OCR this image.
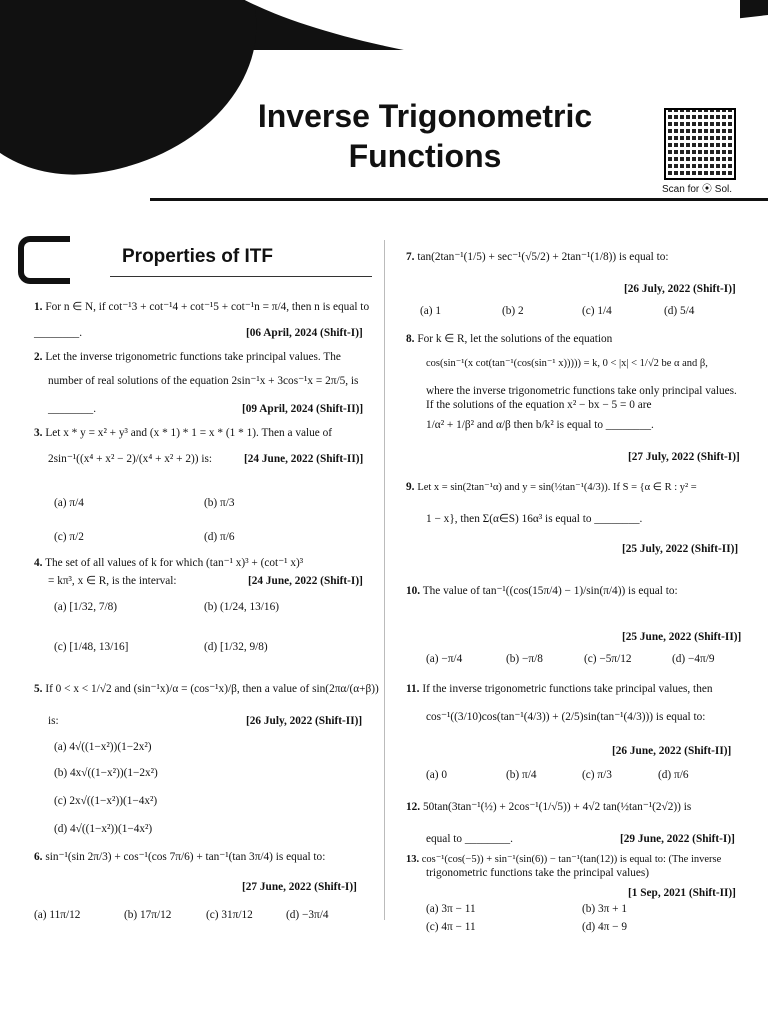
Inverse Trigonometric
Functions
Scan for ⦿ Sol.
Properties of ITF
1. For n ∈ N, if cot⁻¹3 + cot⁻¹4 + cot⁻¹5 + cot⁻¹n = π/4, then n is equal to
________.	[06 April, 2024 (Shift-I)]
2. Let the inverse trigonometric functions take principal values. The
number of real solutions of the equation 2sin⁻¹x + 3cos⁻¹x = 2π/5, is
________.	[09 April, 2024 (Shift-II)]
3. Let x * y = x² + y³ and (x * 1) * 1 = x * (1 * 1). Then a value of
2sin⁻¹((x⁴ + x² − 2)/(x⁴ + x² + 2)) is:	[24 June, 2022 (Shift-II)]
(a) π/4	(b) π/3
(c) π/2	(d) π/6
4. The set of all values of k for which (tan⁻¹ x)³ + (cot⁻¹ x)³
= kπ³, x ∈ R, is the interval:	[24 June, 2022 (Shift-I)]
(a) [1/32, 7/8)	(b) (1/24, 13/16)
(c) [1/48, 13/16]	(d) [1/32, 9/8)
5. If 0 < x < 1/√2 and (sin⁻¹x)/α = (cos⁻¹x)/β, then a value of sin(2πα/(α+β))
is:	[26 July, 2022 (Shift-II)]
(a) 4√((1−x²))(1−2x²)
(b) 4x√((1−x²))(1−2x²)
(c) 2x√((1−x²))(1−4x²)
(d) 4√((1−x²))(1−4x²)
6. sin⁻¹(sin 2π/3) + cos⁻¹(cos 7π/6) + tan⁻¹(tan 3π/4) is equal to:
[27 June, 2022 (Shift-I)]
(a) 11π/12	(b) 17π/12	(c) 31π/12	(d) −3π/4
7. tan(2tan⁻¹(1/5) + sec⁻¹(√5/2) + 2tan⁻¹(1/8)) is equal to:
[26 July, 2022 (Shift-I)]
(a) 1	(b) 2	(c) 1/4	(d) 5/4
8. For k ∈ R, let the solutions of the equation
cos(sin⁻¹(x cot(tan⁻¹(cos(sin⁻¹ x))))) = k, 0 < |x| < 1/√2 be α and β,
where the inverse trigonometric functions take only principal values.
If the solutions of the equation x² − bx − 5 = 0 are
1/α² + 1/β² and α/β then b/k² is equal to ________.
[27 July, 2022 (Shift-I)]
9. Let x = sin(2tan⁻¹α) and y = sin(½tan⁻¹(4/3)). If S = {α ∈ R : y² =
1 − x}, then Σ(α∈S) 16α³ is equal to ________.
[25 July, 2022 (Shift-II)]
10. The value of tan⁻¹((cos(15π/4) − 1)/sin(π/4)) is equal to:
[25 June, 2022 (Shift-II)]
(a) −π/4	(b) −π/8	(c) −5π/12	(d) −4π/9
11. If the inverse trigonometric functions take principal values, then
cos⁻¹((3/10)cos(tan⁻¹(4/3)) + (2/5)sin(tan⁻¹(4/3))) is equal to:
[26 June, 2022 (Shift-II)]
(a) 0	(b) π/4	(c) π/3	(d) π/6
12. 50tan(3tan⁻¹(½) + 2cos⁻¹(1/√5)) + 4√2 tan(½tan⁻¹(2√2)) is
equal to ________.	[29 June, 2022 (Shift-I)]
13. cos⁻¹(cos(−5)) + sin⁻¹(sin(6)) − tan⁻¹(tan(12)) is equal to: (The inverse
trigonometric functions take the principal values)
[1 Sep, 2021 (Shift-II)]
(a) 3π − 11	(b) 3π + 1
(c) 4π − 11	(d) 4π − 9
